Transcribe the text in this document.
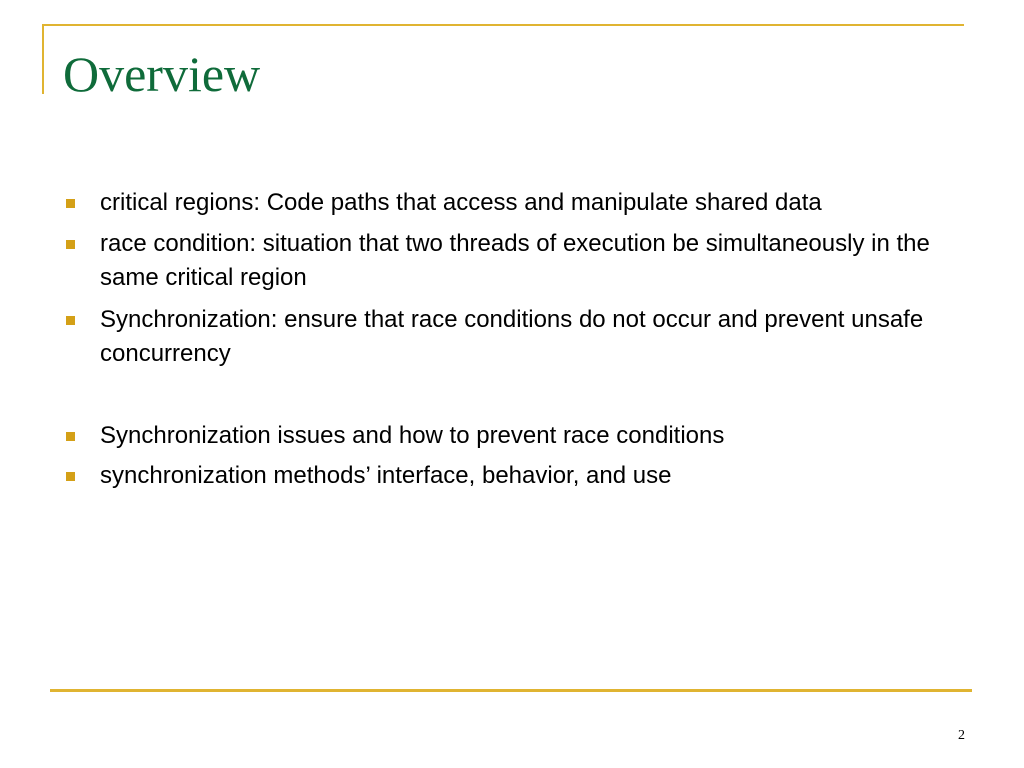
Overview
critical regions: Code paths that access and manipulate shared data
race condition: situation that two threads of execution be simultaneously in the same critical region
Synchronization: ensure that race conditions do not occur and prevent unsafe concurrency
Synchronization issues and how to prevent race conditions
synchronization methods’ interface, behavior, and use
2
